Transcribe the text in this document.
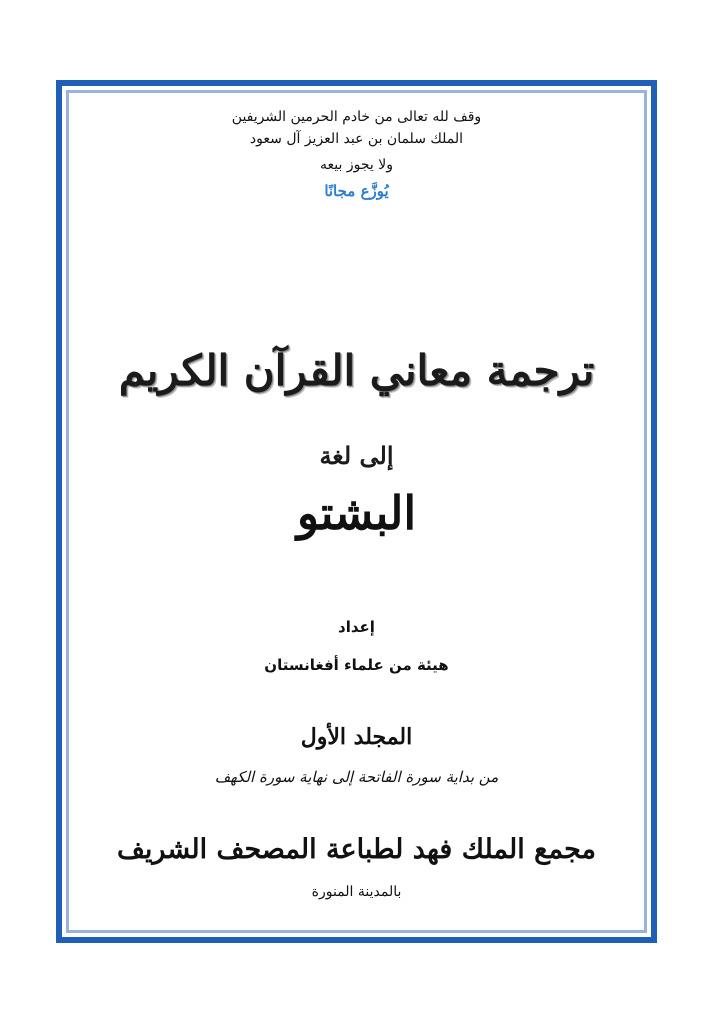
وقف لله تعالى من خادم الحرمين الشريفين
الملك سلمان بن عبد العزيز آل سعود
ولا يجوز بيعه
يُوزَّع مجانًا
ترجمة معاني القرآن الكريم
إلى لغة
البشتو
إعداد
هيئة من علماء أفغانستان
المجلد الأول
من بداية سورة الفاتحة إلى نهاية سورة الكهف
مجمع الملك فهد لطباعة المصحف الشريف
بالمدينة المنورة
